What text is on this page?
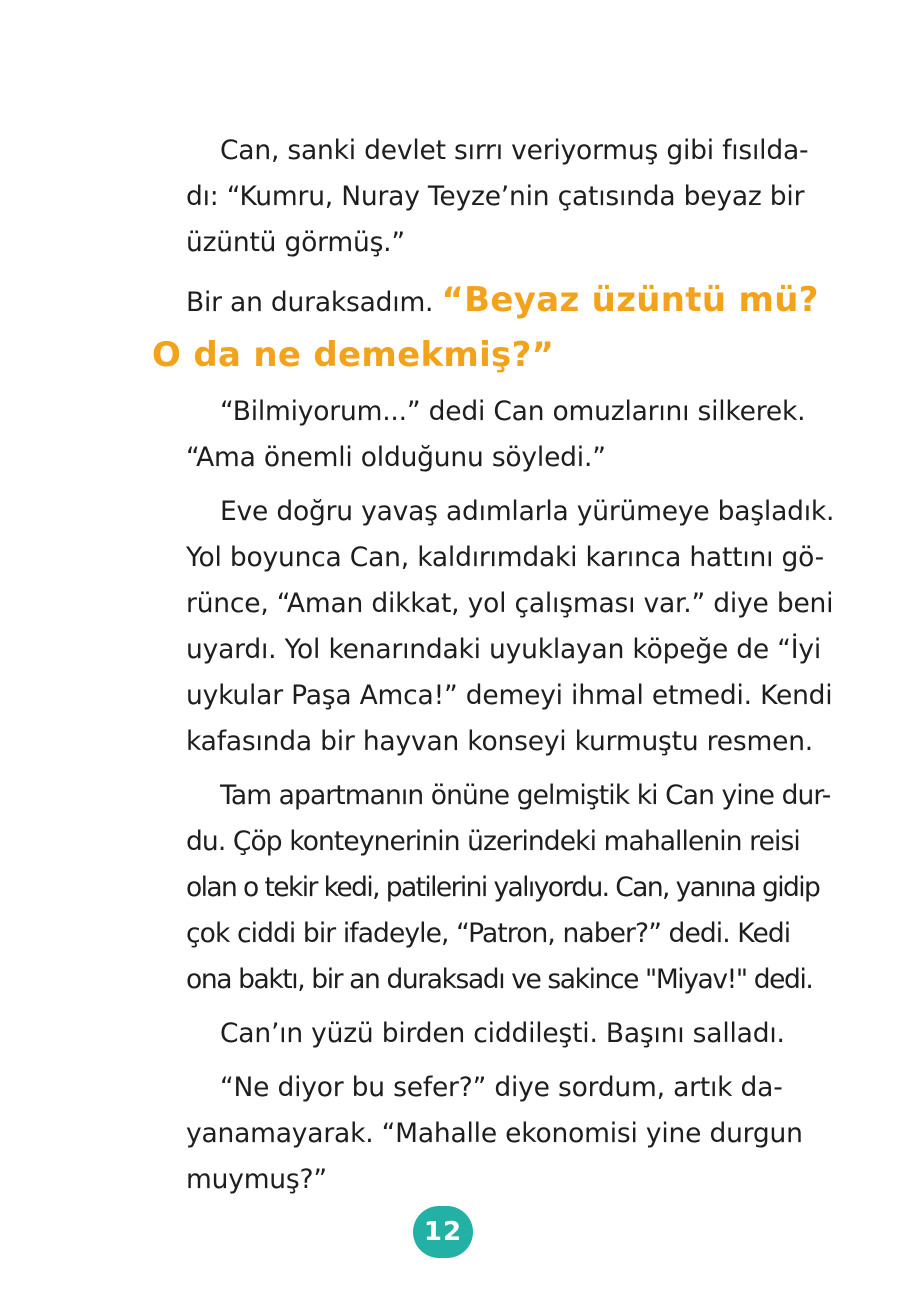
Can, sanki devlet sırrı veriyormuş gibi fısılda-
dı: “Kumru, Nuray Teyze’nin çatısında beyaz bir
üzüntü görmüş.”

Bir an duraksadım. “Beyaz üzüntü mü?
O da ne demekmiş?”

“Bilmiyorum...” dedi Can omuzlarını silkerek.
“Ama önemli olduğunu söyledi.”

Eve doğru yavaş adımlarla yürümeye başladık.
Yol boyunca Can, kaldırımdaki karınca hattını gö-
rünce, “Aman dikkat, yol çalışması var.” diye beni
uyardı. Yol kenarındaki uyuklayan köpeğe de “İyi
uykular Paşa Amca!” demeyi ihmal etmedi. Kendi
kafasında bir hayvan konseyi kurmuştu resmen.

Tam apartmanın önüne gelmiştik ki Can yine dur-
du. Çöp konteynerinin üzerindeki mahallenin reisi
olan o tekir kedi, patilerini yalıyordu. Can, yanına gidip
çok ciddi bir ifadeyle, “Patron, naber?” dedi. Kedi
ona baktı, bir an duraksadı ve sakince "Miyav!" dedi.

Can’ın yüzü birden ciddileşti. Başını salladı.

“Ne diyor bu sefer?” diye sordum, artık da-
yanamayarak. “Mahalle ekonomisi yine durgun
muymuş?”

12
